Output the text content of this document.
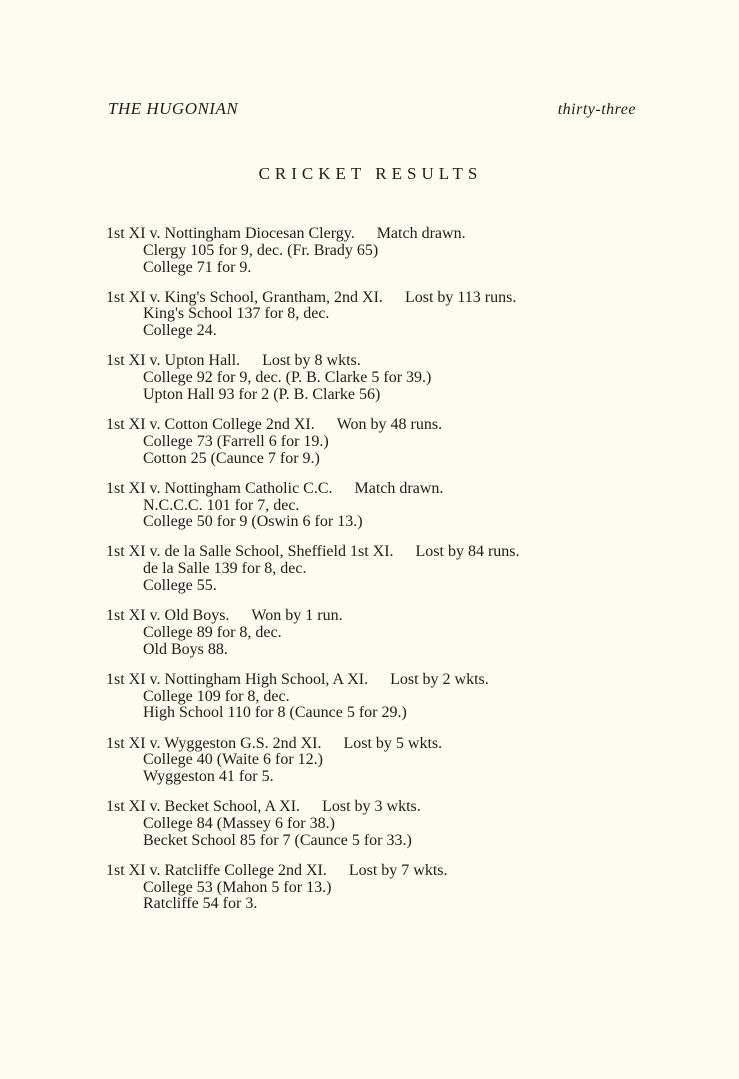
THE HUGONIAN	thirty-three
CRICKET RESULTS
1st XI v. Nottingham Diocesan Clergy. Match drawn.
Clergy 105 for 9, dec. (Fr. Brady 65)
College 71 for 9.
1st XI v. King's School, Grantham, 2nd XI. Lost by 113 runs.
King's School 137 for 8, dec.
College 24.
1st XI v. Upton Hall. Lost by 8 wkts.
College 92 for 9, dec. (P. B. Clarke 5 for 39.)
Upton Hall 93 for 2 (P. B. Clarke 56)
1st XI v. Cotton College 2nd XI. Won by 48 runs.
College 73 (Farrell 6 for 19.)
Cotton 25 (Caunce 7 for 9.)
1st XI v. Nottingham Catholic C.C. Match drawn.
N.C.C.C. 101 for 7, dec.
College 50 for 9 (Oswin 6 for 13.)
1st XI v. de la Salle School, Sheffield 1st XI. Lost by 84 runs.
de la Salle 139 for 8, dec.
College 55.
1st XI v. Old Boys. Won by 1 run.
College 89 for 8, dec.
Old Boys 88.
1st XI v. Nottingham High School, A XI. Lost by 2 wkts.
College 109 for 8, dec.
High School 110 for 8 (Caunce 5 for 29.)
1st XI v. Wyggeston G.S. 2nd XI. Lost by 5 wkts.
College 40 (Waite 6 for 12.)
Wyggeston 41 for 5.
1st XI v. Becket School, A XI. Lost by 3 wkts.
College 84 (Massey 6 for 38.)
Becket School 85 for 7 (Caunce 5 for 33.)
1st XI v. Ratcliffe College 2nd XI. Lost by 7 wkts.
College 53 (Mahon 5 for 13.)
Ratcliffe 54 for 3.
